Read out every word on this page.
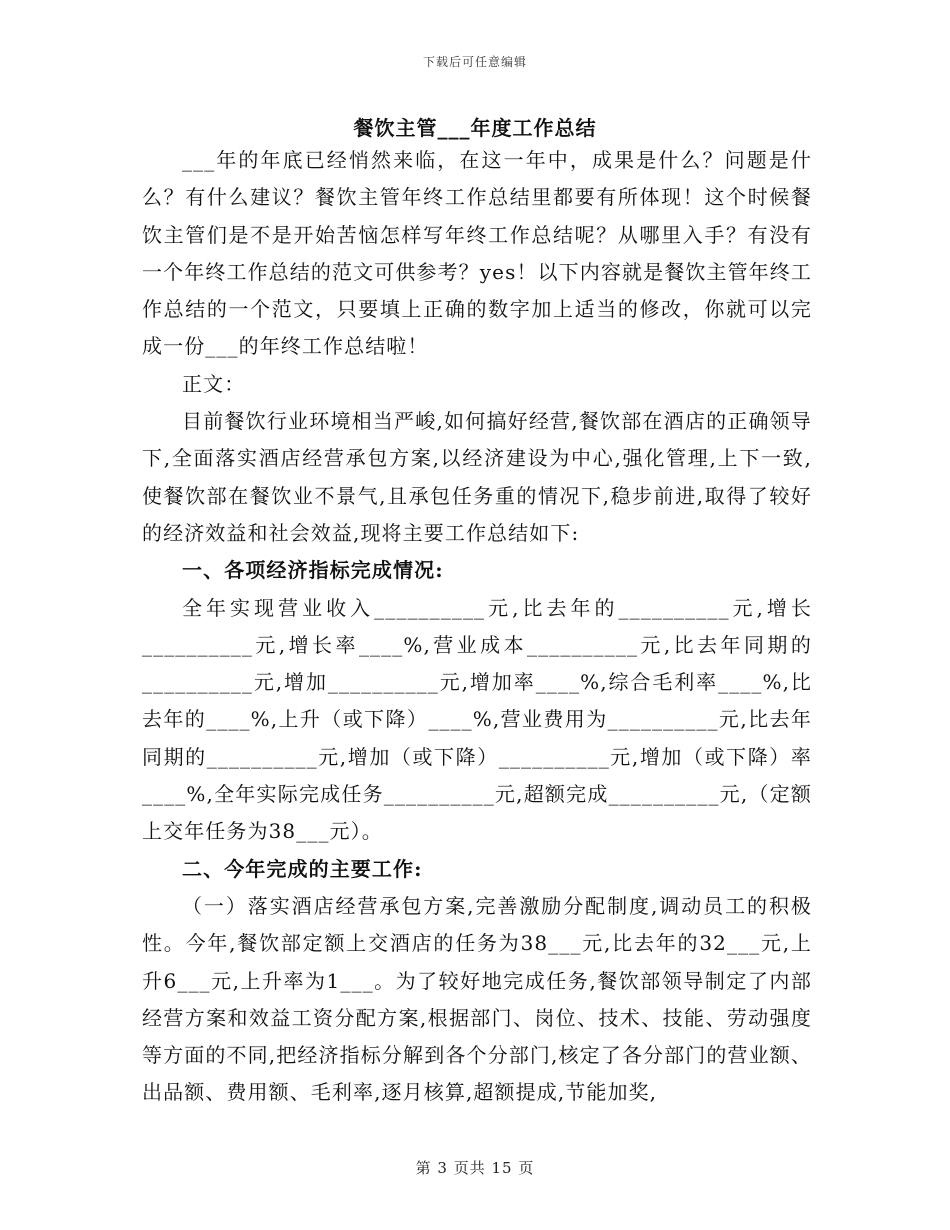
下载后可任意编辑
餐饮主管___年度工作总结

___年的年底已经悄然来临，在这一年中，成果是什么？问题是什么？有什么建议？餐饮主管年终工作总结里都要有所体现！这个时候餐饮主管们是不是开始苦恼怎样写年终工作总结呢？从哪里入手？有没有一个年终工作总结的范文可供参考？yes！以下内容就是餐饮主管年终工作总结的一个范文，只要填上正确的数字加上适当的修改，你就可以完成一份___的年终工作总结啦！

正文：

目前餐饮行业环境相当严峻,如何搞好经营,餐饮部在酒店的正确领导下,全面落实酒店经营承包方案,以经济建设为中心,强化管理,上下一致,使餐饮部在餐饮业不景气,且承包任务重的情况下,稳步前进,取得了较好的经济效益和社会效益,现将主要工作总结如下:

一、各项经济指标完成情况:

全年实现营业收入__________元,比去年的__________元,增长__________元,增长率____%,营业成本__________元,比去年同期的__________元,增加__________元,增加率____%,综合毛利率____%,比去年的____%,上升（或下降）____%,营业费用为__________元,比去年同期的__________元,增加（或下降）__________元,增加（或下降）率____%,全年实际完成任务__________元,超额完成__________元,（定额上交年任务为38___元）。

二、今年完成的主要工作:

（一）落实酒店经营承包方案,完善激励分配制度,调动员工的积极性。今年,餐饮部定额上交酒店的任务为38___元,比去年的32___元,上升6___元,上升率为1___。为了较好地完成任务,餐饮部领导制定了内部经营方案和效益工资分配方案,根据部门、岗位、技术、技能、劳动强度等方面的不同,把经济指标分解到各个分部门,核定了各分部门的营业额、出品额、费用额、毛利率,逐月核算,超额提成,节能加奖,

第 3 页共 15 页
